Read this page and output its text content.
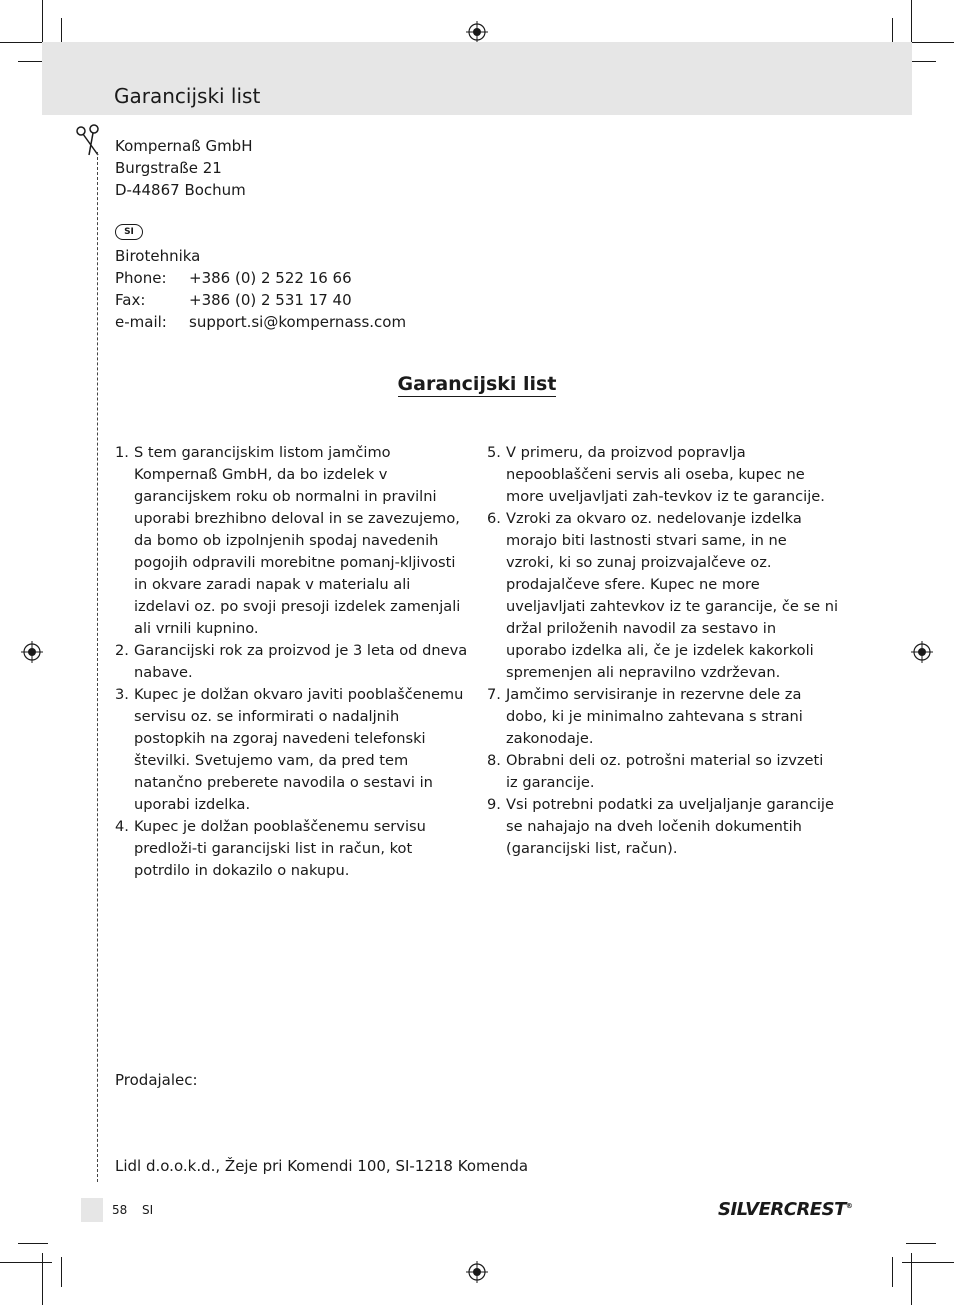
Garancijski list
Kompernaß GmbH
Burgstraße 21
D-44867 Bochum
SI
Birotehnika
Phone:	+386 (0) 2 522 16 66
Fax:	+386 (0) 2 531 17 40
e-mail:	support.si@kompernass.com
Garancijski list
1. S tem garancijskim listom jamčimo Kompernaß GmbH, da bo izdelek v garancijskem roku ob normalni in pravilni uporabi brezhibno deloval in se zavezujemo, da bomo ob izpolnjenih spodaj navedenih pogojih odpravili morebitne pomanj-kljivosti in okvare zaradi napak v materialu ali izdelavi oz. po svoji presoji izdelek zamenjali ali vrnili kupnino.
2. Garancijski rok za proizvod je 3 leta od dneva nabave.
3. Kupec je dolžan okvaro javiti pooblaščenemu servisu oz. se informirati o nadaljnih postopkih na zgoraj navedeni telefonski številki. Svetujemo vam, da pred tem natančno preberete navodila o sestavi in uporabi izdelka.
4. Kupec je dolžan pooblaščenemu servisu predloži-ti garancijski list in račun, kot potrdilo in dokazilo o nakupu.
5. V primeru, da proizvod popravlja nepooblaščeni servis ali oseba, kupec ne more uveljavljati zah-tevkov iz te garancije.
6. Vzroki za okvaro oz. nedelovanje izdelka morajo biti lastnosti stvari same, in ne vzroki, ki so zunaj proizvajalčeve oz. prodajalčeve sfere. Kupec ne more uveljavljati zahtevkov iz te garancije, če se ni držal priloženih navodil za sestavo in uporabo izdelka ali, če je izdelek kakorkoli spremenjen ali nepravilno vzdrževan.
7. Jamčimo servisiranje in rezervne dele za dobo, ki je minimalno zahtevana s strani zakonodaje.
8. Obrabni deli oz. potrošni material so izvzeti iz garancije.
9. Vsi potrebni podatki za uveljaljanje garancije se nahajajo na dveh ločenih dokumentih (garancijski list, račun).
Prodajalec:
Lidl d.o.o.k.d., Žeje pri Komendi 100, SI-1218 Komenda
58 SI	SILVERCREST®
